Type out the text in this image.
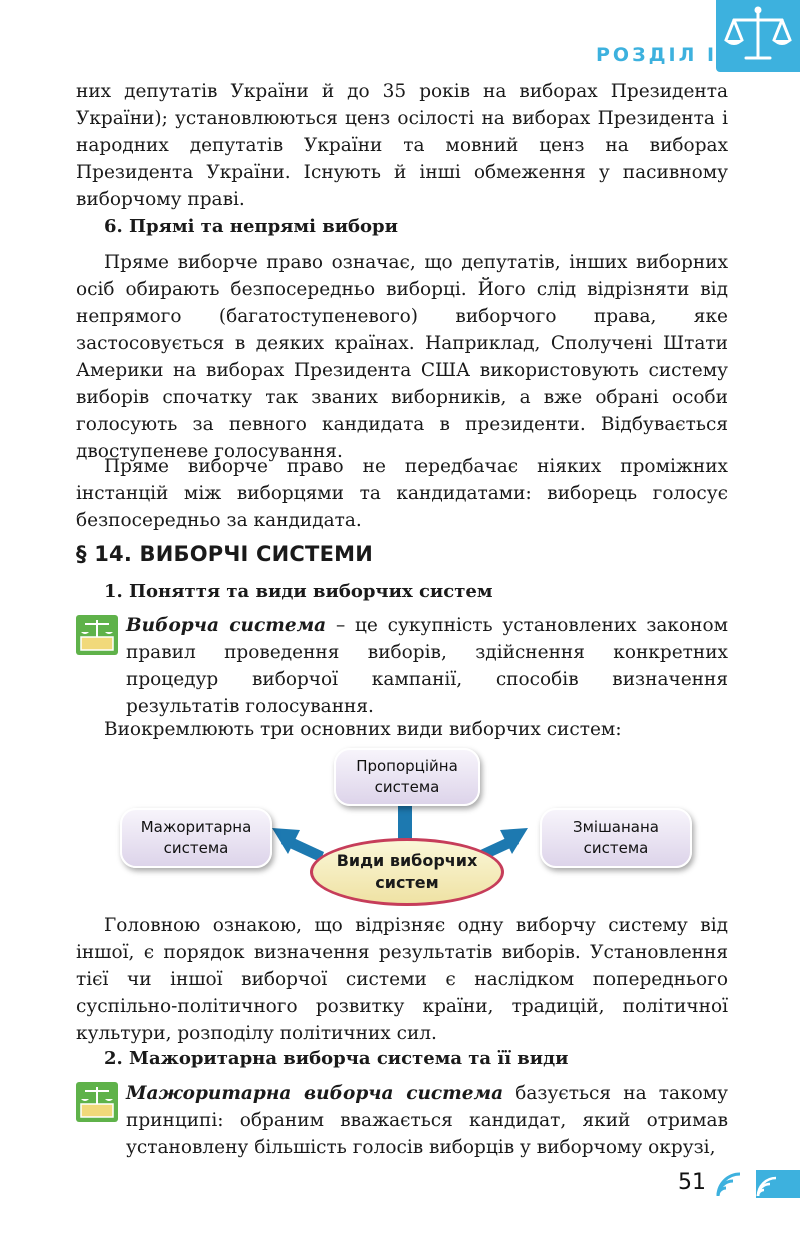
РОЗДІЛ І
них депутатів України й до 35 років на виборах Президента України); установлюються ценз осілості на виборах Президента і народних депутатів України та мовний ценз на виборах Президента України. Існують й інші обмеження у пасивному виборчому праві.
6. Прямі та непрямі вибори
Пряме виборче право означає, що депутатів, інших виборних осіб обирають безпосередньо виборці. Його слід відрізняти від непрямого (багатоступеневого) виборчого права, яке застосовується в деяких країнах. Наприклад, Сполучені Штати Америки на виборах Президента США використовують систему виборів спочатку так званих виборників, а вже обрані особи голосують за певного кандидата в президенти. Відбувається двоступеневе голосування.
Пряме виборче право не передбачає ніяких проміжних інстанцій між виборцями та кандидатами: виборець голосує безпосередньо за кандидата.
§ 14. ВИБОРЧІ СИСТЕМИ
1. Поняття та види виборчих систем
Виборча система – це сукупність установлених законом правил проведення виборів, здійснення конкретних процедур виборчої кампанії, способів визначення результатів голосування.
Виокремлюють три основних види виборчих систем:
Пропорційна
система
Мажоритарна
система
Змішанана
система
Види виборчих
систем
Головною ознакою, що відрізняє одну виборчу систему від іншої, є порядок визначення результатів виборів. Установлення тієї чи іншої виборчої системи є наслідком попереднього суспільно-політичного розвитку країни, традицій, політичної культури, розподілу політичних сил.
2. Мажоритарна виборча система та її види
Мажоритарна виборча система базується на такому принципі: обраним вважається кандидат, який отримав установлену більшість голосів виборців у виборчому окрузі,
51
